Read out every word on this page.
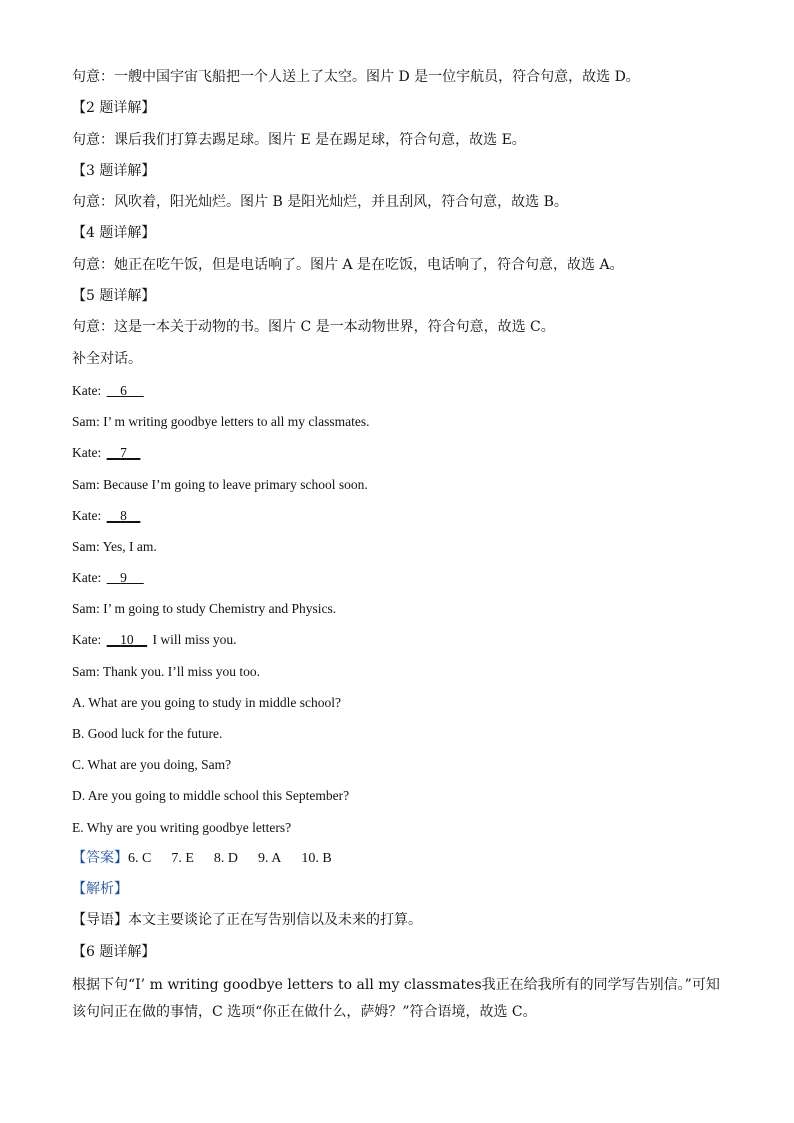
句意：一艘中国宇宙飞船把一个人送上了太空。图片 D 是一位宇航员，符合句意，故选 D。

【2 题详解】

句意：课后我们打算去踢足球。图片 E 是在踢足球，符合句意，故选 E。

【3 题详解】

句意：风吹着，阳光灿烂。图片 B 是阳光灿烂，并且刮风，符合句意，故选 B。

【4 题详解】

句意：她正在吃午饭，但是电话响了。图片 A 是在吃饭，电话响了，符合句意，故选 A。

【5 题详解】

句意：这是一本关于动物的书。图片 C 是一本动物世界，符合句意，故选 C。

补全对话。

Kate: 6

Sam: I’ m writing goodbye letters to all my classmates.

Kate: 7

Sam: Because I’m going to leave primary school soon.

Kate: 8

Sam: Yes, I am.

Kate: 9

Sam: I’ m going to study Chemistry and Physics.

Kate: 10 I will miss you.

Sam: Thank you. I’ll miss you too.

A. What are you going to study in middle school?

B. Good luck for the future.

C. What are you doing, Sam?

D. Are you going to middle school this September?

E. Why are you writing goodbye letters?

【答案】6. C 7. E 8. D 9. A 10. B

【解析】

【导语】本文主要谈论了正在写告别信以及未来的打算。

【6 题详解】

根据下句“I’ m writing goodbye letters to all my classmates我正在给我所有的同学写告别信。”可知该句问正在做的事情，C 选项“你正在做什么，萨姆？”符合语境，故选 C。
